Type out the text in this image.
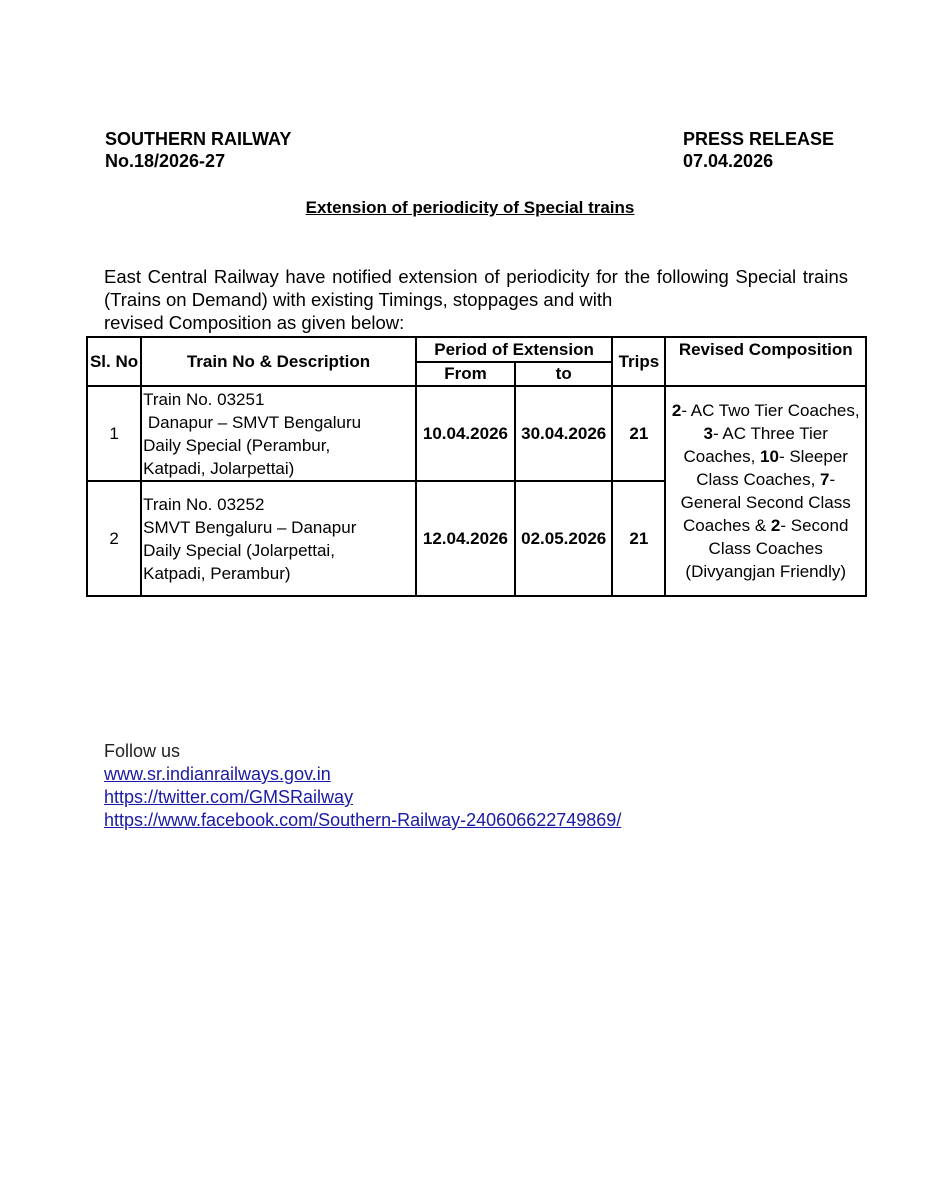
SOUTHERN RAILWAY
No.18/2026-27
PRESS RELEASE
07.04.2026
Extension of periodicity of Special trains
East Central Railway have notified extension of periodicity for the following Special trains (Trains on Demand) with existing Timings, stoppages and with
revised Composition as given below:
Sl. No	Train No & Description	Period of Extension		Trips	Revised Composition
		From	to		
1	Train No. 03251
Danapur – SMVT Bengaluru
Daily Special (Perambur,
Katpadi, Jolarpettai)	10.04.2026	30.04.2026	21	2- AC Two Tier Coaches, 3- AC Three Tier Coaches, 10- Sleeper Class Coaches, 7- General Second Class Coaches & 2- Second Class Coaches (Divyangjan Friendly)
2	Train No. 03252
SMVT Bengaluru – Danapur
Daily Special (Jolarpettai,
Katpadi, Perambur)	12.04.2026	02.05.2026	21	
Follow us
www.sr.indianrailways.gov.in
https://twitter.com/GMSRailway
https://www.facebook.com/Southern-Railway-240606622749869/
